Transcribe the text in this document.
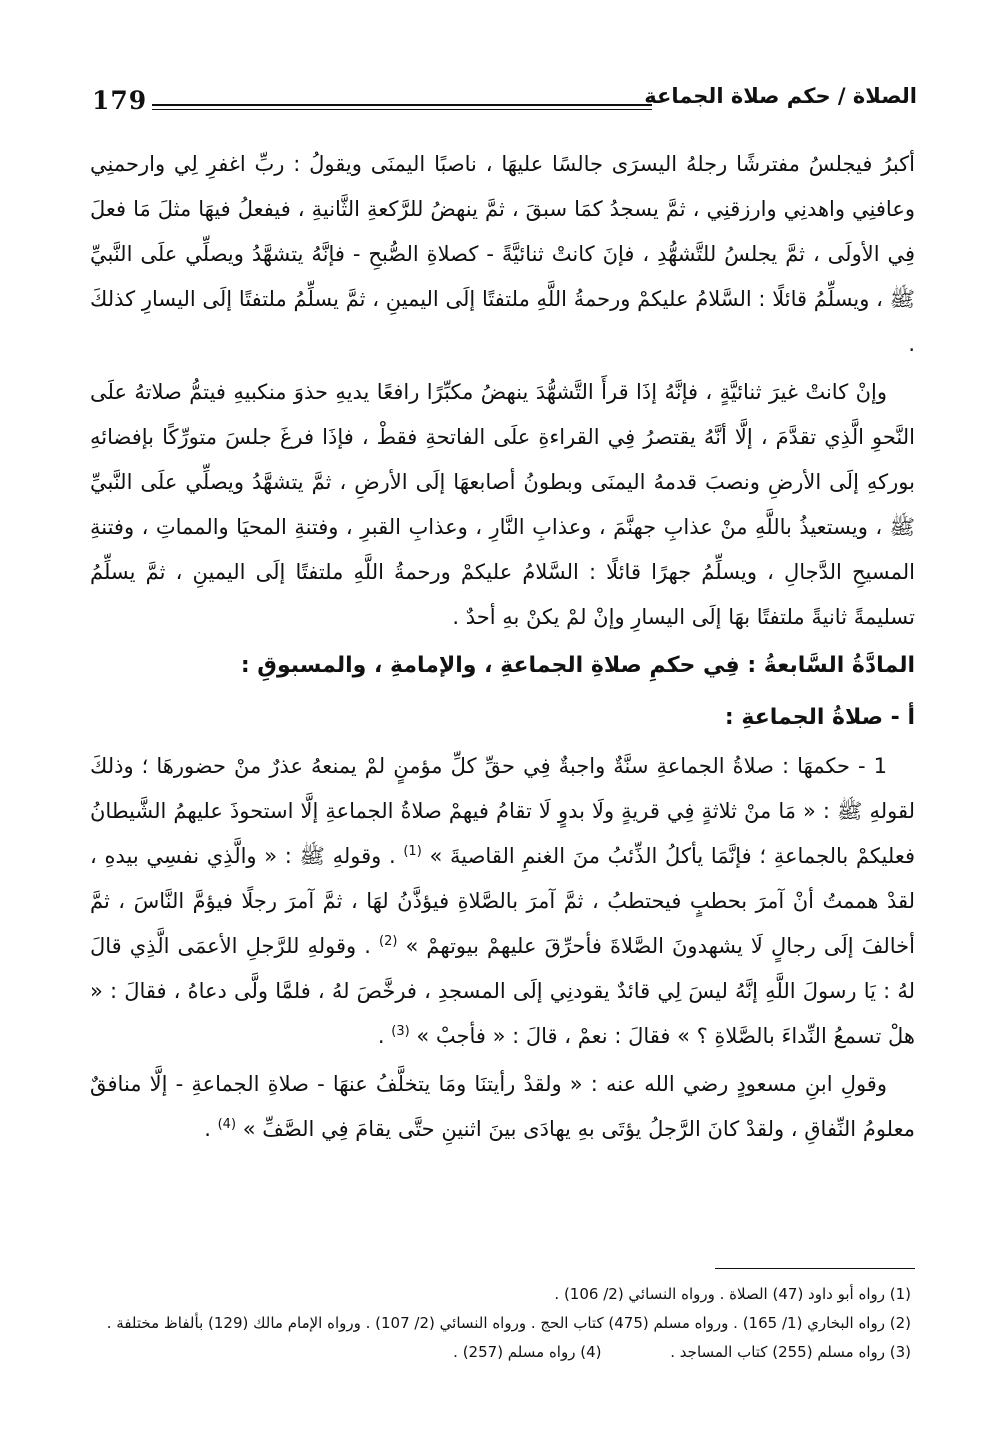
179	الصلاة / حكم صلاة الجماعة

أكبرُ فيجلسُ مفترشًا رجلهُ اليسرَى جالسًا عليهَا ، ناصبًا اليمنَى ويقولُ : ربِّ اغفرِ لِي وارحمنِي وعافنِي واهدنِي وارزقنِي ، ثمَّ يسجدُ كمَا سبقَ ، ثمَّ ينهضُ للرَّكعةِ الثَّانيةِ ، فيفعلُ فيهَا مثلَ مَا فعلَ فِي الأولَى ، ثمَّ يجلسُ للتَّشهُّدِ ، فإنَ كانتْ ثنائيَّةً - كصلاةِ الصُّبحِ - فإنَّهُ يتشهَّدُ ويصلِّي علَى النَّبيِّ ﷺ ، ويسلِّمُ قائلًا : السَّلامُ عليكمْ ورحمةُ اللَّهِ ملتفتًا إلَى اليمينِ ، ثمَّ يسلِّمُ ملتفتًا إلَى اليسارِ كذلكَ .

وإنْ كانتْ غيرَ ثنائيَّةٍ ، فإنَّهُ إذَا قرأَ التَّشهُّدَ ينهضُ مكبِّرًا رافعًا يديهِ حذوَ منكبيهِ فيتمُّ صلاتهُ علَى النَّحوِ الَّذِي تقدَّمَ ، إلَّا أنَّهُ يقتصرُ فِي القراءةِ علَى الفاتحةِ فقطْ ، فإذَا فرغَ جلسَ متورِّكًا بإفضائهِ بوركهِ إلَى الأرضِ ونصبَ قدمهُ اليمنَى وبطونُ أصابعهَا إلَى الأرضِ ، ثمَّ يتشهَّدُ ويصلِّي علَى النَّبيِّ ﷺ ، ويستعيذُ باللَّهِ منْ عذابِ جهنَّمَ ، وعذابِ النَّارِ ، وعذابِ القبرِ ، وفتنةِ المحيَا والمماتِ ، وفتنةِ المسيحِ الدَّجالِ ، ويسلِّمُ جهرًا قائلًا : السَّلامُ عليكمْ ورحمةُ اللَّهِ ملتفتًا إلَى اليمينِ ، ثمَّ يسلِّمُ تسليمةً ثانيةً ملتفتًا بهَا إلَى اليسارِ وإنْ لمْ يكنْ بهِ أحدٌ .

المادَّةُ السَّابعةُ : فِي حكمِ صلاةِ الجماعةِ ، والإمامةِ ، والمسبوقِ :

أ - صلاةُ الجماعةِ :

1 - حكمهَا : صلاةُ الجماعةِ سنَّةٌ واجبةٌ فِي حقِّ كلِّ مؤمنٍ لمْ يمنعهُ عذرٌ منْ حضورهَا ؛ وذلكَ لقولهِ ﷺ : « مَا منْ ثلاثةٍ فِي قريةٍ ولَا بدوٍ لَا تقامُ فيهمْ صلاةُ الجماعةِ إلَّا استحوذَ عليهمُ الشَّيطانُ فعليكمْ بالجماعةِ ؛ فإنَّمَا يأكلُ الذِّئبُ منَ الغنمِ القاصيةَ » $^{(1)}$ . وقولهِ ﷺ : « والَّذِي نفسِي بيدهِ ، لقدْ هممتُ أنْ آمرَ بحطبٍ فيحتطبُ ، ثمَّ آمرَ بالصَّلاةِ فيؤذَّنُ لهَا ، ثمَّ آمرَ رجلًا فيؤمَّ النَّاسَ ، ثمَّ أخالفَ إلَى رجالٍ لَا يشهدونَ الصَّلاةَ فأحرِّقَ عليهمْ بيوتهمْ » $^{(2)}$ . وقولهِ للرَّجلِ الأعمَى الَّذِي قالَ لهُ : يَا رسولَ اللَّهِ إنَّهُ ليسَ لِي قائدٌ يقودنِي إلَى المسجدِ ، فرخَّصَ لهُ ، فلمَّا ولَّى دعاهُ ، فقالَ : « هلْ تسمعُ النِّداءَ بالصَّلاةِ ؟ » فقالَ : نعمْ ، قالَ : « فأجبْ » $^{(3)}$ .

وقولِ ابنِ مسعودٍ رضي الله عنه : « ولقدْ رأيتنَا ومَا يتخلَّفُ عنهَا - صلاةِ الجماعةِ - إلَّا منافقٌ معلومُ النِّفاقِ ، ولقدْ كانَ الرَّجلُ يؤتَى بهِ يهادَى بينَ اثنينِ حتَّى يقامَ فِي الصَّفِّ » $^{(4)}$ .

(1) رواه أبو داود (47) الصلاة . ورواه النسائي (2/ 106) .
(2) رواه البخاري (1/ 165) . ورواه مسلم (475) كتاب الحج . ورواه النسائي (2/ 107) . ورواه الإمام مالك (129) بألفاظ مختلفة .
(3) رواه مسلم (255) كتاب المساجد . (4) رواه مسلم (257) .
